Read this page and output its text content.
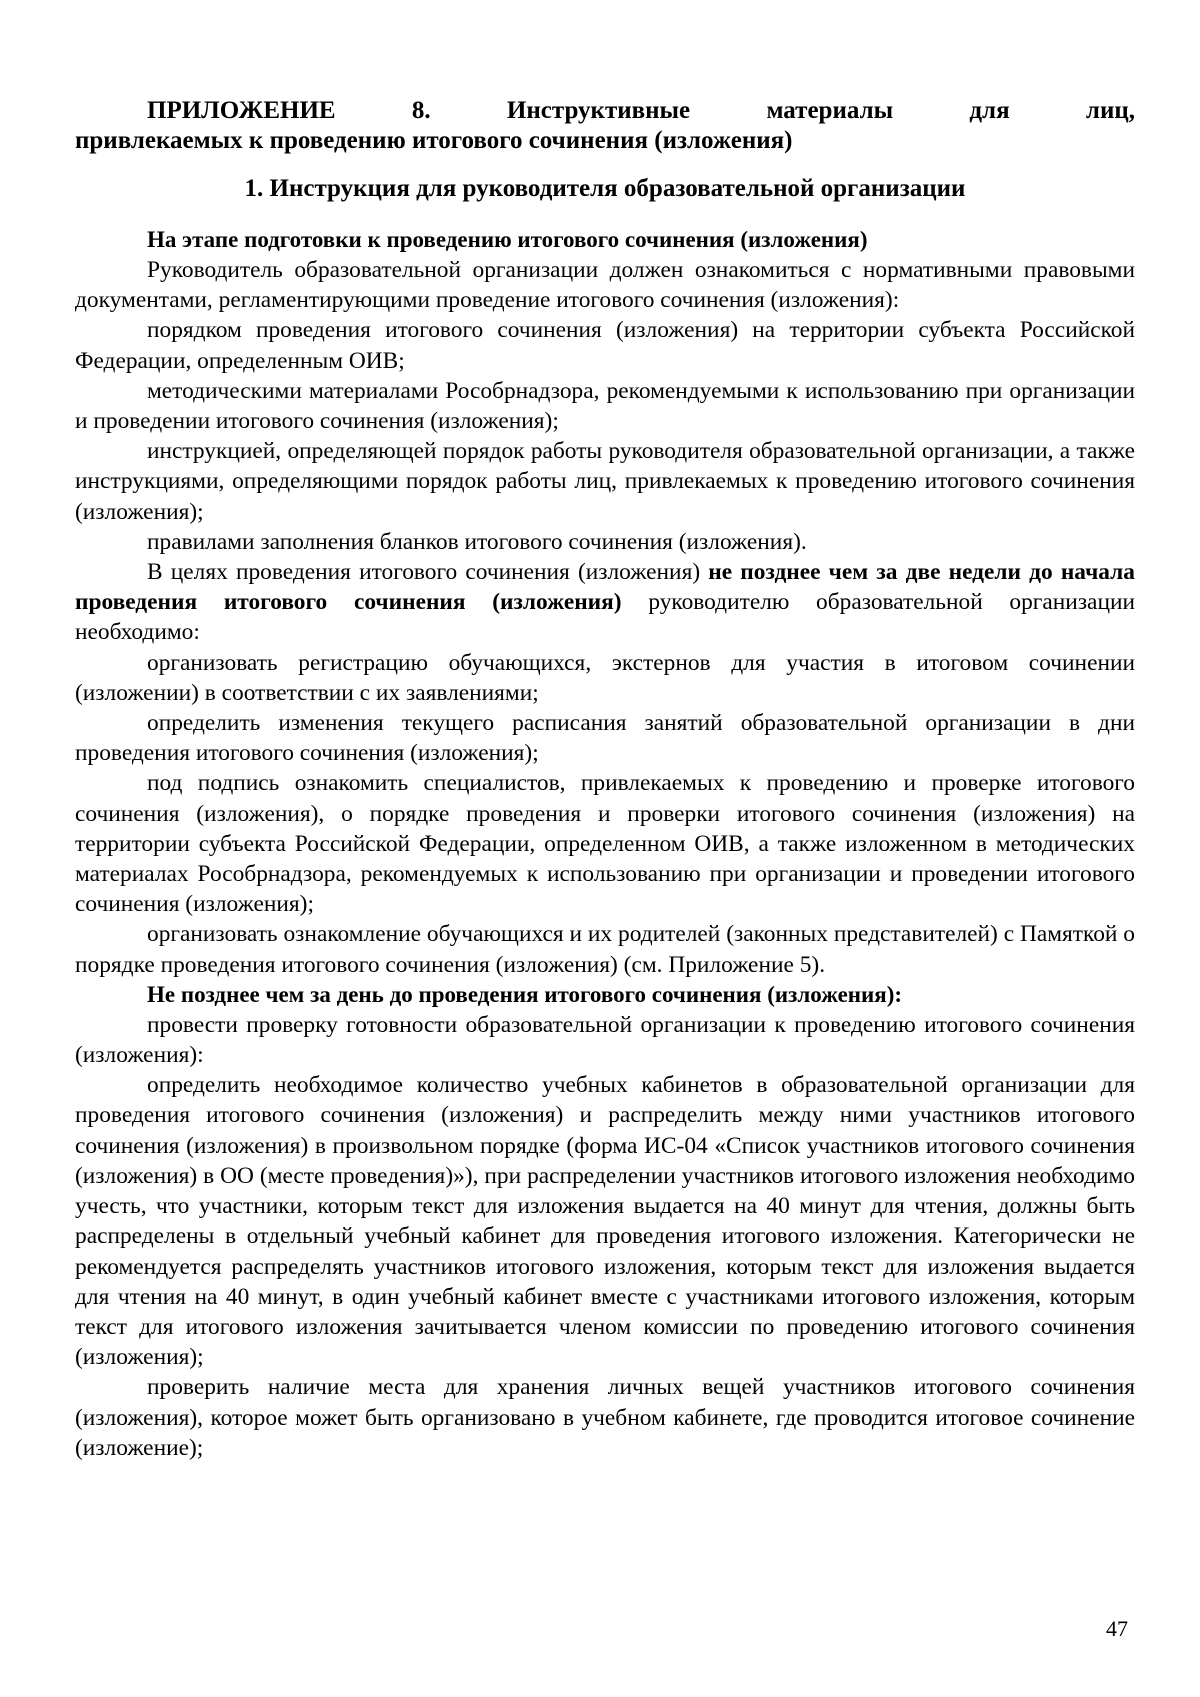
ПРИЛОЖЕНИЕ 8. Инструктивные материалы для лиц,

привлекаемых к проведению итогового сочинения (изложения)

1. Инструкция для руководителя образовательной организации

На этапе подготовки к проведению итогового сочинения (изложения)

Руководитель образовательной организации должен ознакомиться с нормативными правовыми документами, регламентирующими проведение итогового сочинения (изложения):

порядком проведения итогового сочинения (изложения) на территории субъекта Российской Федерации, определенным ОИВ;

методическими материалами Рособрнадзора, рекомендуемыми к использованию при организации и проведении итогового сочинения (изложения);

инструкцией, определяющей порядок работы руководителя образовательной организации, а также инструкциями, определяющими порядок работы лиц, привлекаемых к проведению итогового сочинения (изложения);

правилами заполнения бланков итогового сочинения (изложения).

В целях проведения итогового сочинения (изложения) не позднее чем за две недели до начала проведения итогового сочинения (изложения) руководителю образовательной организации необходимо:

организовать регистрацию обучающихся, экстернов для участия в итоговом сочинении (изложении) в соответствии с их заявлениями;

определить изменения текущего расписания занятий образовательной организации в дни проведения итогового сочинения (изложения);

под подпись ознакомить специалистов, привлекаемых к проведению и проверке итогового сочинения (изложения), о порядке проведения и проверки итогового сочинения (изложения) на территории субъекта Российской Федерации, определенном ОИВ, а также изложенном в методических материалах Рособрнадзора, рекомендуемых к использованию при организации и проведении итогового сочинения (изложения);

организовать ознакомление обучающихся и их родителей (законных представителей) с Памяткой о порядке проведения итогового сочинения (изложения) (см. Приложение 5).

Не позднее чем за день до проведения итогового сочинения (изложения):

провести проверку готовности образовательной организации к проведению итогового сочинения (изложения):

определить необходимое количество учебных кабинетов в образовательной организации для проведения итогового сочинения (изложения) и распределить между ними участников итогового сочинения (изложения) в произвольном порядке (форма ИС-04 «Список участников итогового сочинения (изложения) в ОО (месте проведения)»), при распределении участников итогового изложения необходимо учесть, что участники, которым текст для изложения выдается на 40 минут для чтения, должны быть распределены в отдельный учебный кабинет для проведения итогового изложения. Категорически не рекомендуется распределять участников итогового изложения, которым текст для изложения выдается для чтения на 40 минут, в один учебный кабинет вместе с участниками итогового изложения, которым текст для итогового изложения зачитывается членом комиссии по проведению итогового сочинения (изложения);

проверить наличие места для хранения личных вещей участников итогового сочинения (изложения), которое может быть организовано в учебном кабинете, где проводится итоговое сочинение (изложение);

47
